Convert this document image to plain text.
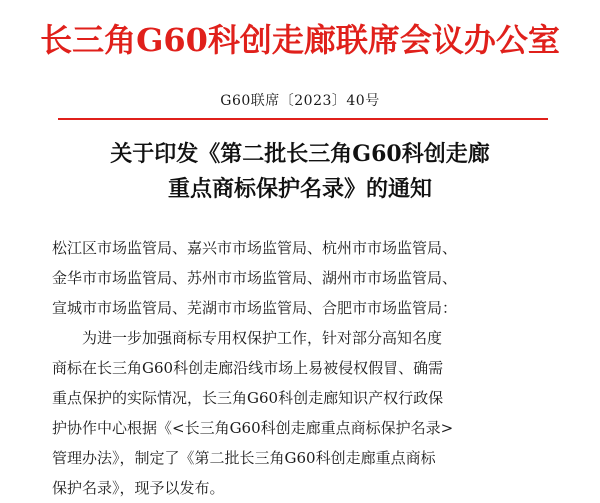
长三角G60科创走廊联席会议办公室
G60联席〔2023〕40号
关于印发《第二批长三角G60科创走廊
重点商标保护名录》的通知
松江区市场监管局、嘉兴市市场监管局、杭州市市场监管局、
金华市市场监管局、苏州市市场监管局、湖州市市场监管局、
宣城市市场监管局、芜湖市市场监管局、合肥市市场监管局：
为进一步加强商标专用权保护工作，针对部分高知名度
商标在长三角G60科创走廊沿线市场上易被侵权假冒、确需
重点保护的实际情况，长三角G60科创走廊知识产权行政保
护协作中心根据《<长三角G60科创走廊重点商标保护名录>
管理办法》，制定了《第二批长三角G60科创走廊重点商标
保护名录》，现予以发布。
